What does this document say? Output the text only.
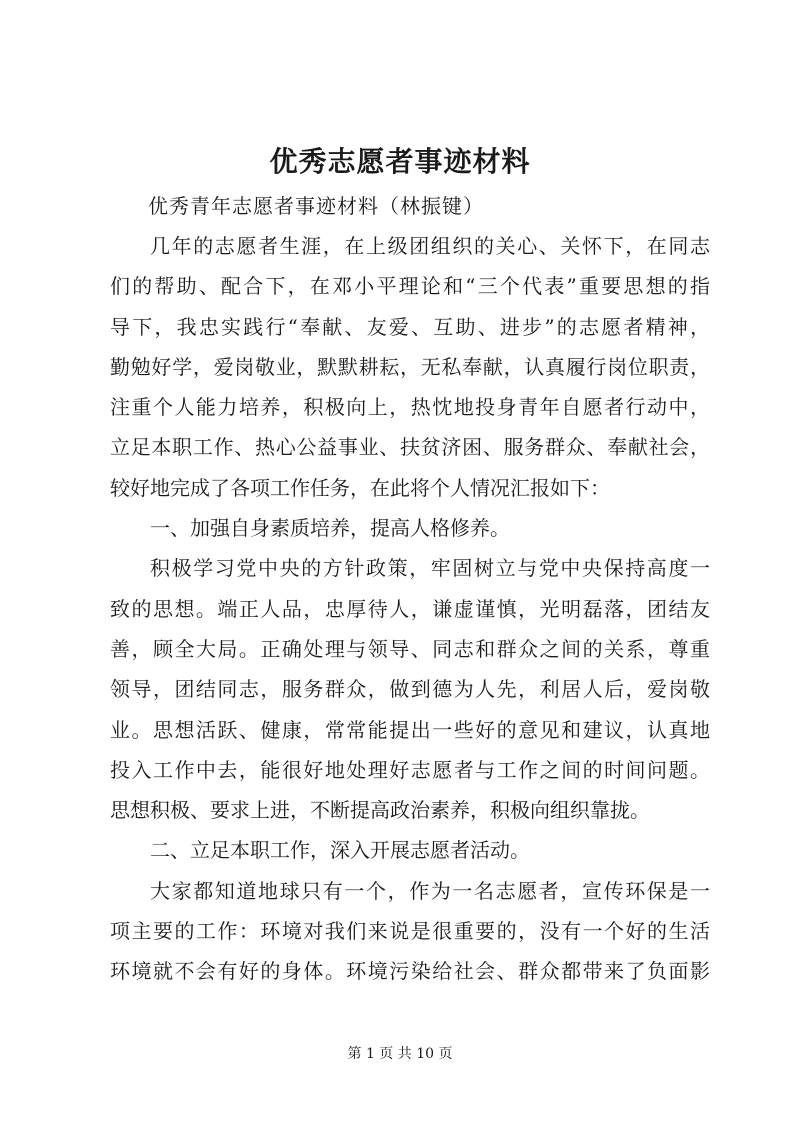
优秀志愿者事迹材料
优秀青年志愿者事迹材料（林振键）

几年的志愿者生涯，在上级团组织的关心、关怀下，在同志
们的帮助、配合下，在邓小平理论和“三个代表”重要思想的指
导下，我忠实践行“奉献、友爱、互助、进步”的志愿者精神，
勤勉好学，爱岗敬业，默默耕耘，无私奉献，认真履行岗位职责，
注重个人能力培养，积极向上，热忱地投身青年自愿者行动中，
立足本职工作、热心公益事业、扶贫济困、服务群众、奉献社会，
较好地完成了各项工作任务，在此将个人情况汇报如下：

一、加强自身素质培养，提高人格修养。

积极学习党中央的方针政策，牢固树立与党中央保持高度一
致的思想。端正人品，忠厚待人，谦虚谨慎，光明磊落，团结友
善，顾全大局。正确处理与领导、同志和群众之间的关系，尊重
领导，团结同志，服务群众，做到德为人先，利居人后，爱岗敬
业。思想活跃、健康，常常能提出一些好的意见和建议，认真地
投入工作中去，能很好地处理好志愿者与工作之间的时间问题。
思想积极、要求上进，不断提高政治素养，积极向组织靠拢。

二、立足本职工作，深入开展志愿者活动。

大家都知道地球只有一个，作为一名志愿者，宣传环保是一
项主要的工作：环境对我们来说是很重要的，没有一个好的生活
环境就不会有好的身体。环境污染给社会、群众都带来了负面影

第 1 页 共 10 页
